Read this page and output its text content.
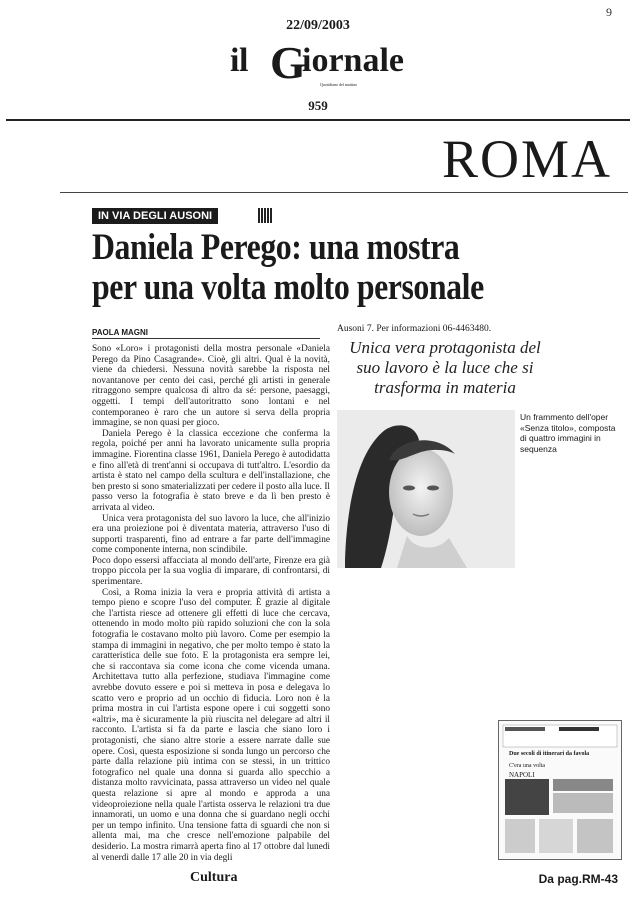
9
22/09/2003
il G
iornale
Quotidiano del mattino
959
ROMA
IN VIA DEGLI AUSONI
Daniela Perego: una mostra
per una volta molto personale
PAOLA MAGNI

Sono «Loro» i protagonisti della mostra personale «Daniela Perego da Pino Casagrande». Cioè, gli altri. Qual è la novità, viene da chiedersi. Nessuna novità sarebbe la risposta nel novantanove per cento dei casi, perché gli artisti in generale ritraggono sempre qualcosa di altro da sé: persone, paesaggi, oggetti. I tempi dell'autoritratto sono lontani e nel contemporaneo è raro che un autore si serva della propria immagine, se non quasi per gioco.

Daniela Perego è la classica eccezione che conferma la regola, poiché per anni ha lavorato unicamente sulla propria immagine. Fiorentina classe 1961, Daniela Perego è autodidatta e fino all'età di trent'anni si occupava di tutt'altro. L'esordio da artista è stato nel campo della scultura e dell'installazione, che ben presto si sono smaterializzati per cedere il posto alla luce. Il passo verso la fotografia è stato breve e da lì ben presto è arrivata al video.

Unica vera protagonista del suo lavoro la luce, che all'inizio era una proiezione poi è diventata materia, attraverso l'uso di supporti trasparenti, fino ad entrare a far parte dell'immagine come componente interna, non scindibile.

Poco dopo essersi affacciata al mondo dell'arte, Firenze era già troppo piccola per la sua voglia di imparare, di confrontarsi, di sperimentare.

Così, a Roma inizia la vera e propria attività di artista a tempo pieno e scopre l'uso del computer. È grazie al digitale che l'artista riesce ad ottenere gli effetti di luce che cercava, ottenendo in modo molto più rapido soluzioni che con la sola fotografia le costavano molto più lavoro. Come per esempio la stampa di immagini in negativo, che per molto tempo è stato la caratteristica delle sue foto. E la protagonista era sempre lei, che si raccontava sia come icona che come vicenda umana. Architettava tutto alla perfezione, studiava l'immagine come avrebbe dovuto essere e poi si metteva in posa e delegava lo scatto vero e proprio ad un occhio di fiducia. Loro non è la prima mostra in cui l'artista espone opere i cui soggetti sono «altri», ma è sicuramente la più riuscita nel delegare ad altri il racconto. L'artista si fa da parte e lascia che siano loro i protagonisti, che siano altre storie a essere narrate dalle sue opere. Così, questa esposizione si sonda lungo un percorso che parte dalla relazione più intima con se stessi, in un trittico fotografico nel quale una donna si guarda allo specchio a distanza molto ravvicinata, passa attraverso un video nel quale questa relazione si apre al mondo e approda a una videoproiezione nella quale l'artista osserva le relazioni tra due innamorati, un uomo e una donna che si guardano negli occhi per un tempo infinito. Una tensione fatta di sguardi che non si allenta mai, ma che cresce nell'emozione palpabile del desiderio. La mostra rimarrà aperta fino al 17 ottobre dal lunedì al venerdì dalle 17 alle 20 in via degli

Ausoni 7. Per informazioni 06-4463480.
Unica vera protagonista del suo lavoro è la luce che si trasforma in materia
Un frammento dell'oper «Senza titolo», composta di quattro immagini in sequenza
Due secoli di itinerari da favola
C'era una volta
NAPOLI
Cultura	Da pag.RM-43
